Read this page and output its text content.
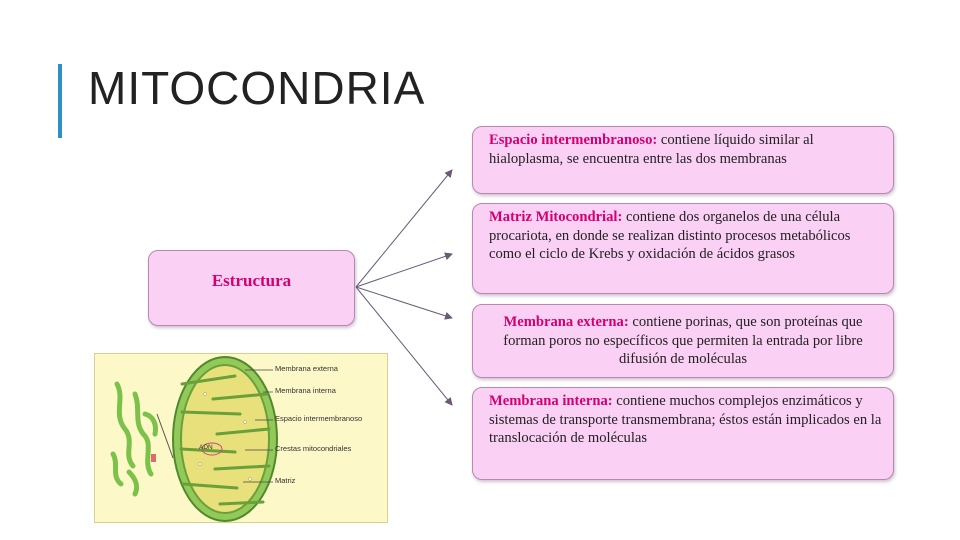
MITOCONDRIA
Estructura
Espacio intermembranoso: contiene líquido similar al hialoplasma, se encuentra entre las dos membranas
Matriz Mitocondrial: contiene dos organelos de una célula procariota, en donde se realizan distinto procesos metabólicos como el ciclo de Krebs y oxidación de ácidos grasos
Membrana externa: contiene porinas, que son proteínas que forman poros no específicos que permiten la entrada por libre difusión de moléculas
Membrana interna: contiene muchos complejos enzimáticos y sistemas de transporte transmembrana; éstos están implicados en la translocación de moléculas
Membrana externa
Membrana interna
Espacio intermembranoso
Crestas mitocondriales
Matriz
ADN
